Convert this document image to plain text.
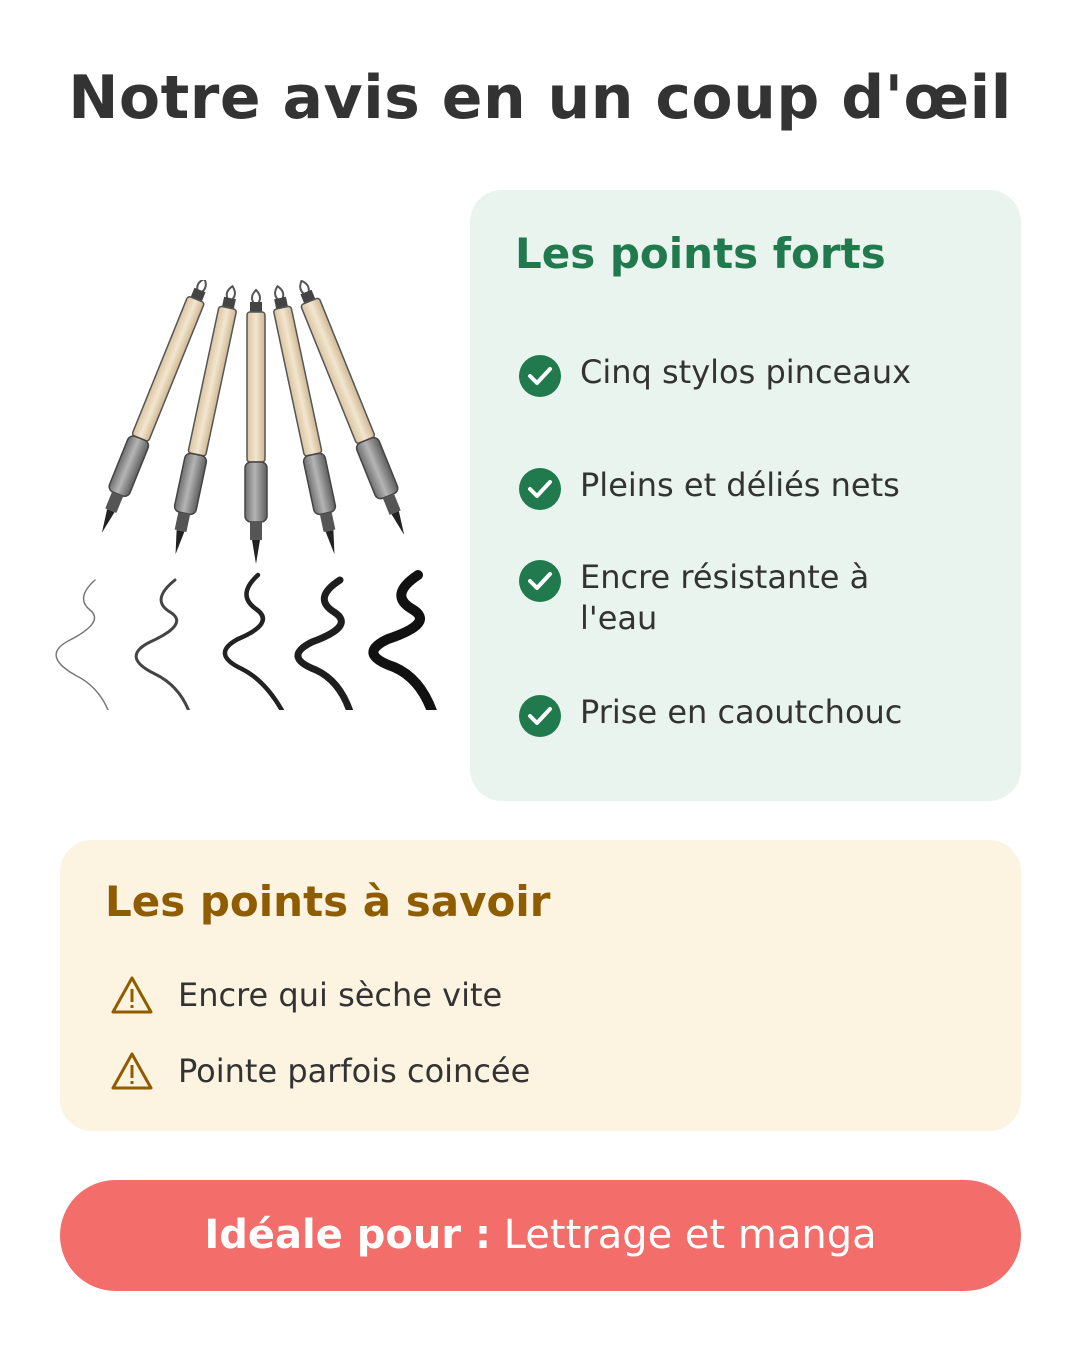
Notre avis en un coup d'œil
Les points forts
Cinq stylos pinceaux
Pleins et déliés nets
Encre résistante à l'eau
Prise en caoutchouc
Les points à savoir
Encre qui sèche vite
Pointe parfois coincée
Idéale pour : Lettrage et manga
